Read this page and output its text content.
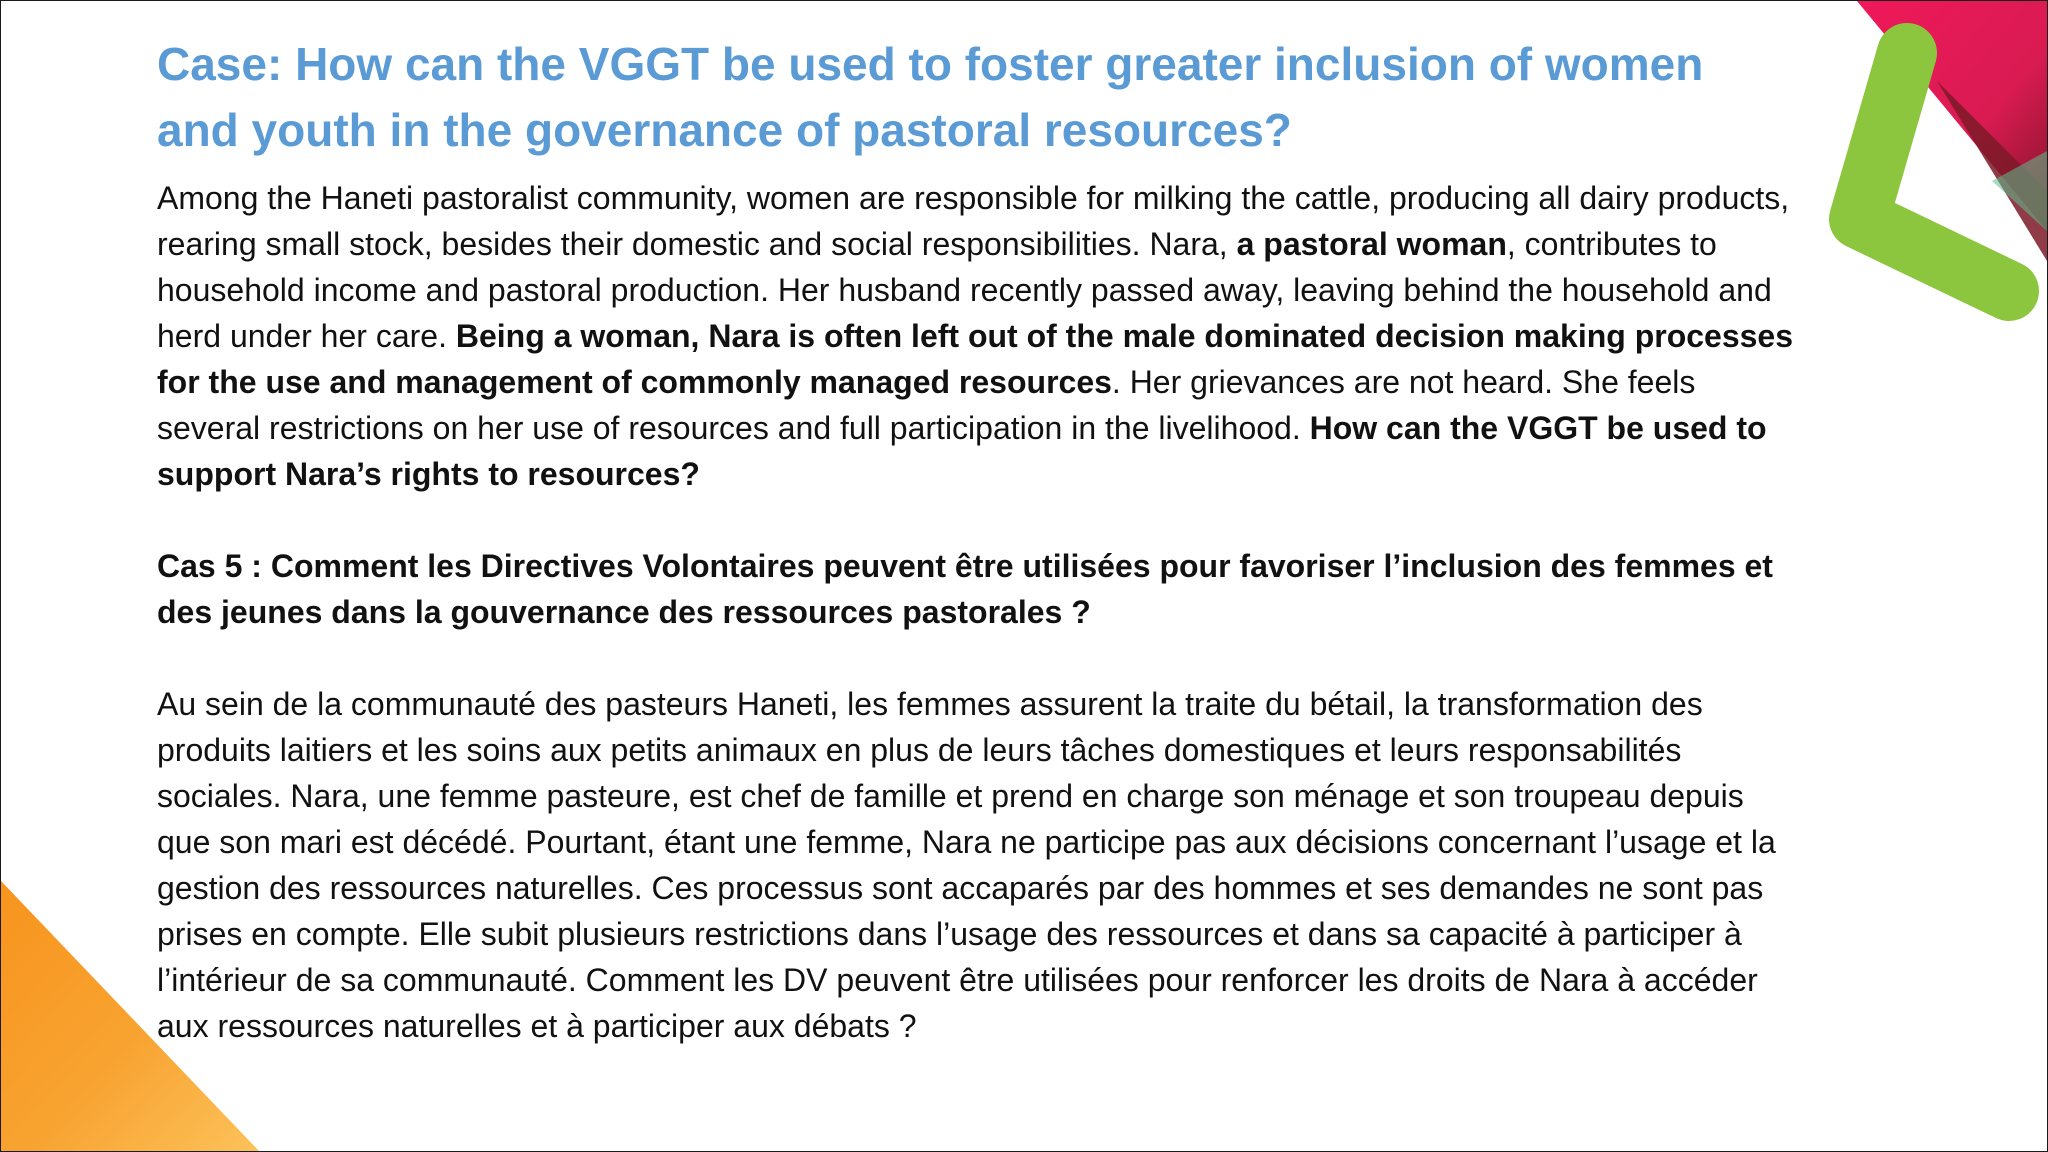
Case: How can the VGGT be used to foster greater inclusion of women and youth in the governance of pastoral resources?

Among the Haneti pastoralist community, women are responsible for milking the cattle, producing all dairy products, rearing small stock, besides their domestic and social responsibilities. Nara, a pastoral woman, contributes to household income and pastoral production. Her husband recently passed away, leaving behind the household and herd under her care. Being a woman, Nara is often left out of the male dominated decision making processes for the use and management of commonly managed resources. Her grievances are not heard. She feels several restrictions on her use of resources and full participation in the livelihood. How can the VGGT be used to support Nara’s rights to resources?

Cas 5 : Comment les Directives Volontaires peuvent être utilisées pour favoriser l’inclusion des femmes et des jeunes dans la gouvernance des ressources pastorales ?

Au sein de la communauté des pasteurs Haneti, les femmes assurent la traite du bétail, la transformation des produits laitiers et les soins aux petits animaux en plus de leurs tâches domestiques et leurs responsabilités sociales. Nara, une femme pasteure, est chef de famille et prend en charge son ménage et son troupeau depuis que son mari est décédé. Pourtant, étant une femme, Nara ne participe pas aux décisions concernant l’usage et la gestion des ressources naturelles. Ces processus sont accaparés par des hommes et ses demandes ne sont pas prises en compte. Elle subit plusieurs restrictions dans l’usage des ressources et dans sa capacité à participer à l’intérieur de sa communauté. Comment les DV peuvent être utilisées pour renforcer les droits de Nara à accéder aux ressources naturelles et à participer aux débats ?
